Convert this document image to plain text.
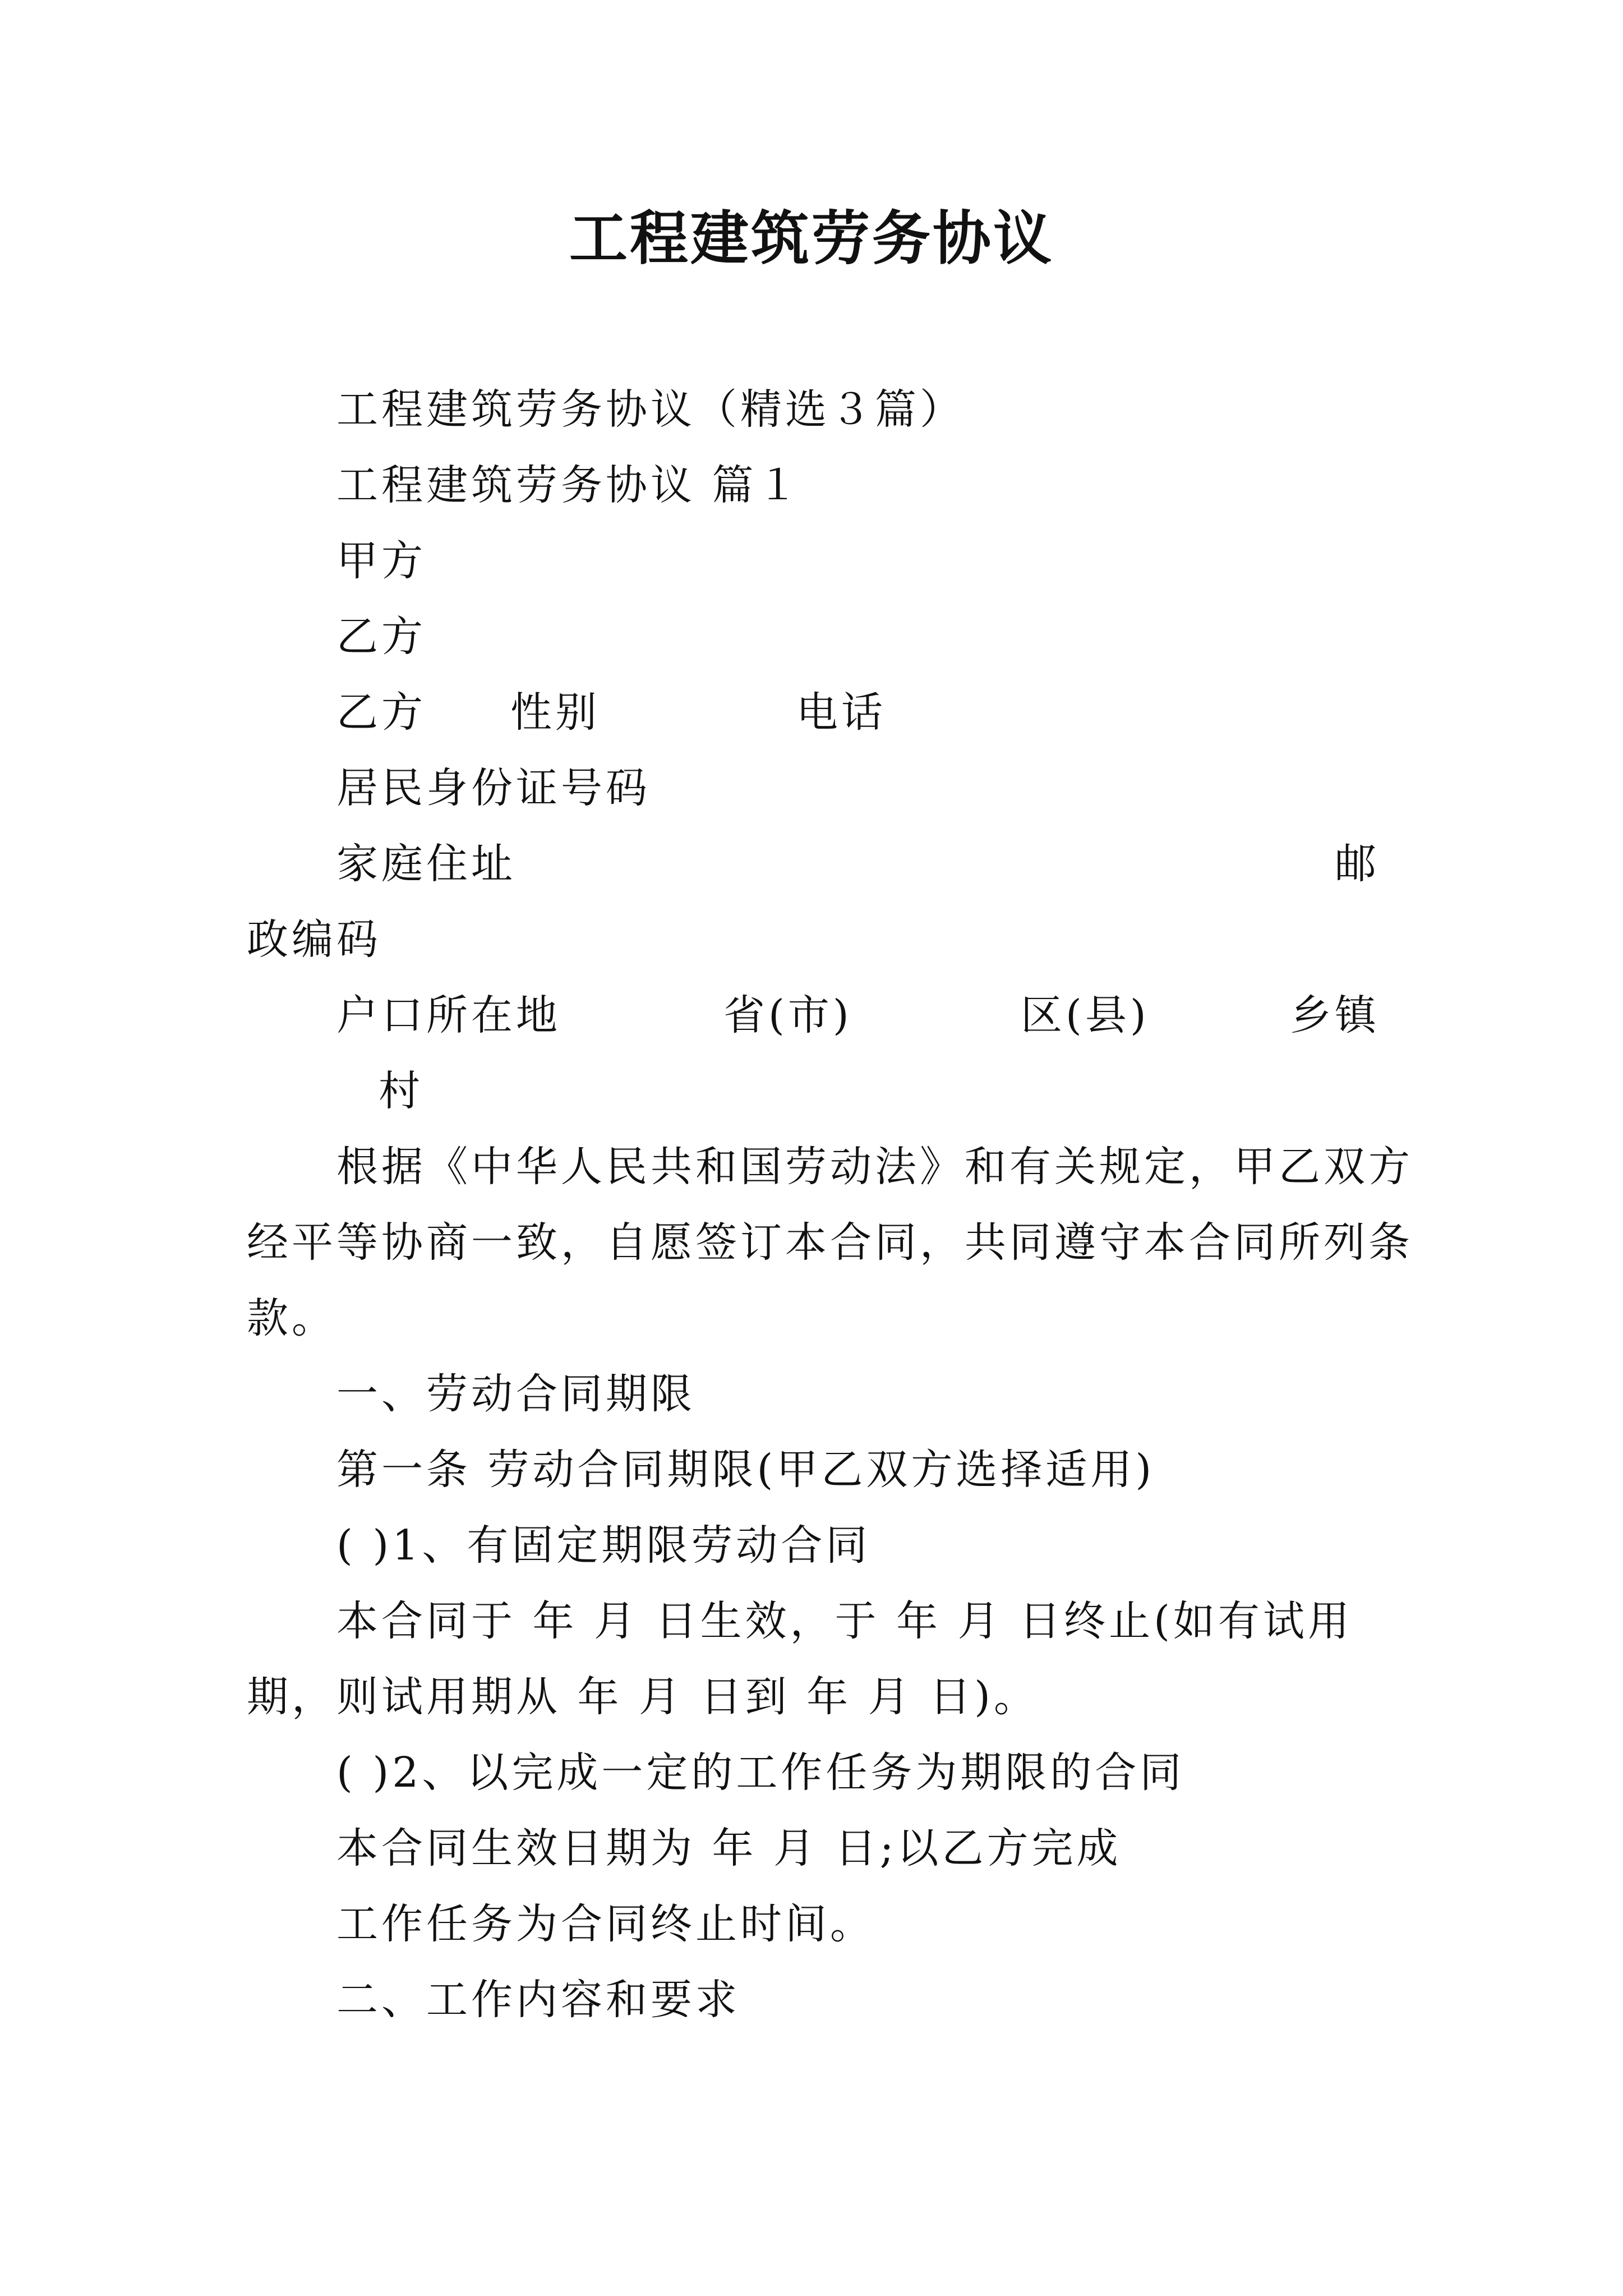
工程建筑劳务协议
工程建筑劳务协议（精选３篇）
工程建筑劳务协议 篇１
甲方
乙方
乙方 性别	电话
居民身份证号码
家庭住址	邮
政编码
户口所在地	省(市)	区(县)	乡镇
村
根据《中华人民共和国劳动法》和有关规定，甲乙双方
经平等协商一致，自愿签订本合同，共同遵守本合同所列条
款。
一、劳动合同期限
第一条 劳动合同期限(甲乙双方选择适用)
( )1、有固定期限劳动合同
本合同于 年 月 日生效，于 年 月 日终止(如有试用
期，则试用期从 年 月 日到 年 月 日)。
( )2、以完成一定的工作任务为期限的合同
本合同生效日期为 年 月 日;以乙方完成
工作任务为合同终止时间。
二、工作内容和要求
